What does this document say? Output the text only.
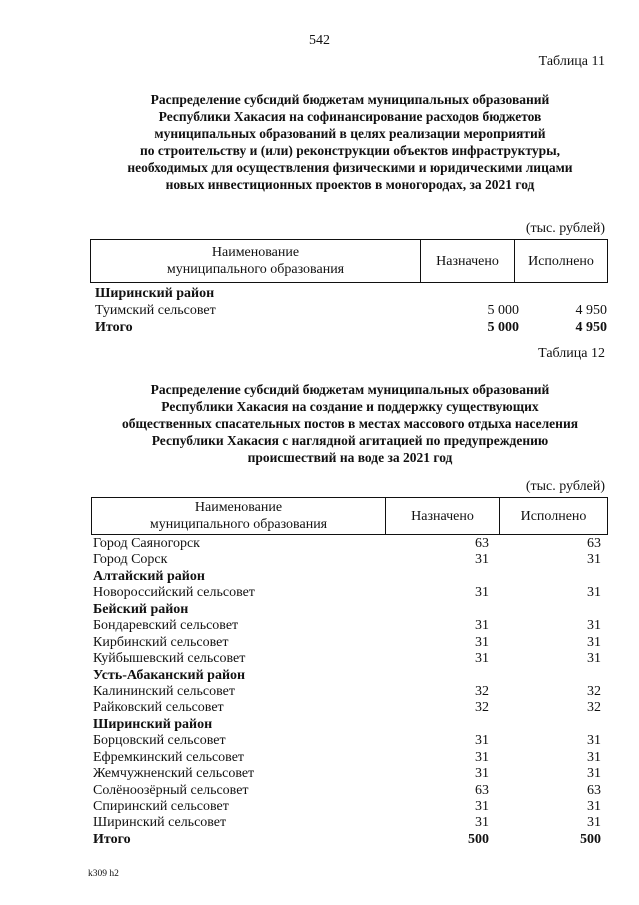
542
Таблица 11
Распределение субсидий бюджетам муниципальных образований
Республики Хакасия на софинансирование расходов бюджетов
муниципальных образований в целях реализации мероприятий
по строительству и (или) реконструкции объектов инфраструктуры,
необходимых для осуществления физическими и юридическими лицами
новых инвестиционных проектов в моногородах, за 2021 год
(тыс. рублей)
Наименование
муниципального образования
Назначено	Исполнено
Ширинский район
Туимский сельсовет	5 000	4 950
Итого	5 000	4 950
Таблица 12
Распределение субсидий бюджетам муниципальных образований
Республики Хакасия на создание и поддержку существующих
общественных спасательных постов в местах массового отдыха населения
Республики Хакасия с наглядной агитацией по предупреждению
происшествий на воде за 2021 год
(тыс. рублей)
Наименование
муниципального образования
Назначено	Исполнено
Город Саяногорск	63	63
Город Сорск	31	31
Алтайский район
Новороссийский сельсовет	31	31
Бейский район
Бондаревский сельсовет	31	31
Кирбинский сельсовет	31	31
Куйбышевский сельсовет	31	31
Усть-Абаканский район
Калининский сельсовет	32	32
Райковский сельсовет	32	32
Ширинский район
Борцовский сельсовет	31	31
Ефремкинский сельсовет	31	31
Жемчужненский сельсовет	31	31
Солёноозёрный сельсовет	63	63
Спиринский сельсовет	31	31
Ширинский сельсовет	31	31
Итого	500	500
k309 h2
